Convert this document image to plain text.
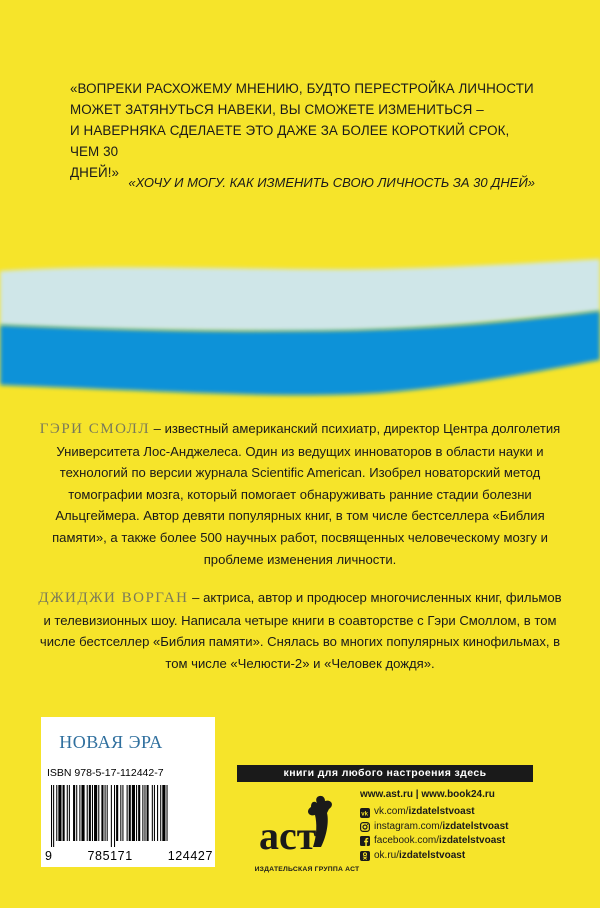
«ВОПРЕКИ РАСХОЖЕМУ МНЕНИЮ, БУДТО ПЕРЕСТРОЙКА ЛИЧНОСТИ
МОЖЕТ ЗАТЯНУТЬСЯ НАВЕКИ, ВЫ СМОЖЕТЕ ИЗМЕНИТЬСЯ –
И НАВЕРНЯКА СДЕЛАЕТЕ ЭТО ДАЖЕ ЗА БОЛЕЕ КОРОТКИЙ СРОК, ЧЕМ 30
ДНЕЙ!»
«ХОЧУ И МОГУ. КАК ИЗМЕНИТЬ СВОЮ ЛИЧНОСТЬ ЗА 30 ДНЕЙ»
ГЭРИ СМОЛЛ – известный американский психиатр, директор Центра долголетия Университета Лос-Анджелеса. Один из ведущих инноваторов в области науки и технологий по версии журнала Scientific American. Изобрел новаторский метод томографии мозга, который помогает обнаруживать ранние стадии болезни Альцгеймера. Автор девяти популярных книг, в том числе бестселлера «Библия памяти», а также более 500 научных работ, посвященных человеческому мозгу и проблеме изменения личности.
ДЖИДЖИ ВОРГАН – актриса, автор и продюсер многочисленных книг, фильмов и телевизионных шоу. Написала четыре книги в соавторстве с Гэри Смоллом, в том числе бестселлер «Библия памяти». Снялась во многих популярных кинофильмах, в том числе «Челюсти-2» и «Человек дождя».
НОВАЯ ЭРА
ISBN 978-5-17-112442-7
9	785171	124427
книги для любого настроения здесь
аст
ИЗДАТЕЛЬСКАЯ ГРУППА АСТ
www.ast.ru | www.book24.ru
vk vk.com/ izdatelstvoast
instagram.com/ izdatelstvoast
facebook.com/ izdatelstvoast
ok.ru/ izdatelstvoast
